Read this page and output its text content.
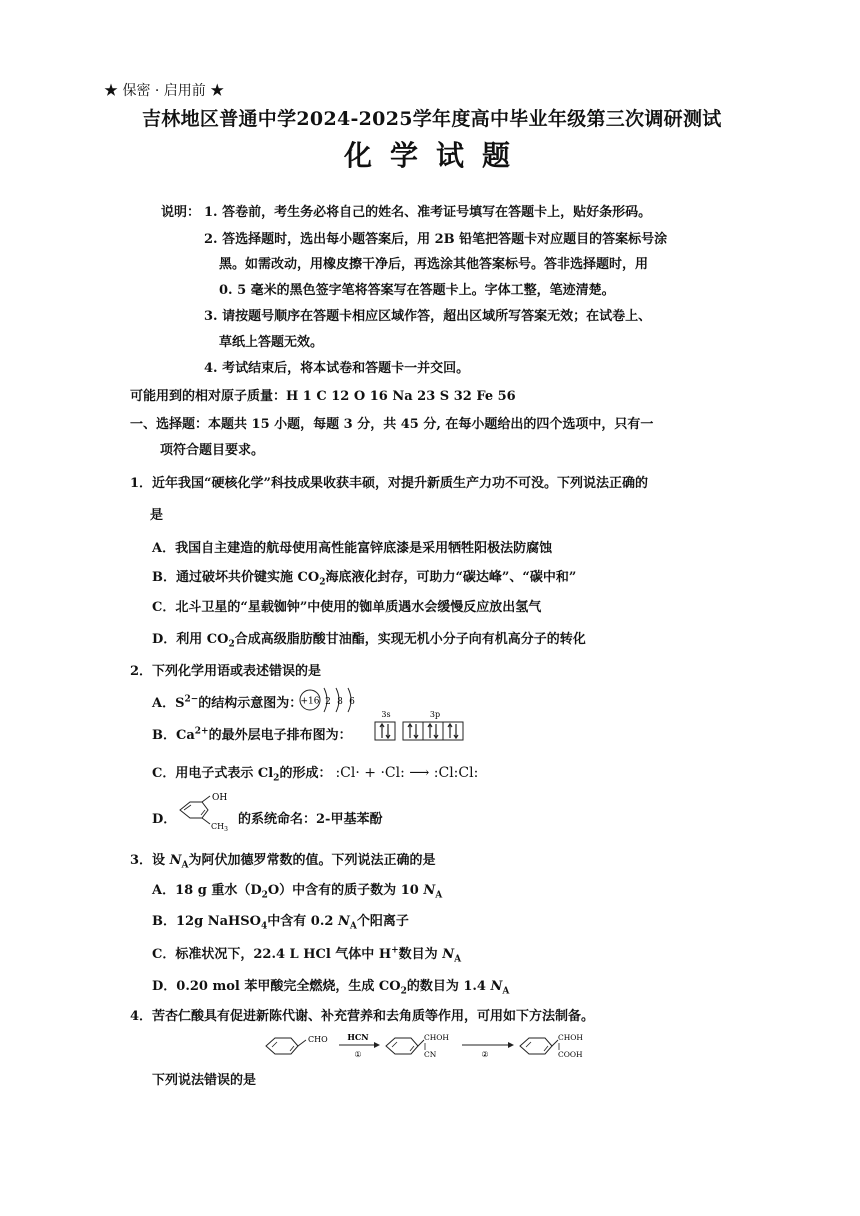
★ 保密 · 启用前 ★
吉林地区普通中学2024-2025学年度高中毕业年级第三次调研测试
化学试题
说明： 1. 答卷前，考生务必将自己的姓名、准考证号填写在答题卡上，贴好条形码。
2. 答选择题时，选出每小题答案后，用 2B 铅笔把答题卡对应题目的答案标号涂
黑。如需改动，用橡皮擦干净后，再选涂其他答案标号。答非选择题时，用
0. 5 毫米的黑色签字笔将答案写在答题卡上。字体工整，笔迹清楚。
3. 请按题号顺序在答题卡相应区域作答，超出区域所写答案无效；在试卷上、
草纸上答题无效。
4. 考试结束后，将本试卷和答题卡一并交回。
可能用到的相对原子质量：H 1 C 12 O 16 Na 23 S 32 Fe 56
一、选择题：本题共 15 小题，每题 3 分，共 45 分, 在每小题给出的四个选项中，只有一
项符合题目要求。
1．近年我国“硬核化学”科技成果收获丰硕，对提升新质生产力功不可没。下列说法正确的
是
A．我国自主建造的航母使用高性能富锌底漆是采用牺牲阳极法防腐蚀
B．通过破坏共价键实施 $CO_2$海底液化封存，可助力“碳达峰”、“碳中和”
C．北斗卫星的“星载铷钟”中使用的铷单质遇水会缓慢反应放出氢气
D．利用 $CO_2$合成高级脂肪酸甘油酯，实现无机小分子向有机高分子的转化
2．下列化学用语或表述错误的是
A．$S^{2-}$的结构示意图为：
+16 2 8 6
B．$Ca^{2+}$的最外层电子排布图为：
3s	3p
C．用电子式表示 $Cl_2$的形成： :Cl· + ·Cl: ⟶ :Cl:Cl:
D．
OH
$CH_3$
的系统命名：2-甲基苯酚
3．设 $N_A$为阿伏加德罗常数的值。下列说法正确的是
A．18 g 重水$(D_2O)$中含有的质子数为 10 $N_A$
B．12g NaHSO$_4$中含有 0.2 $N_A$个阳离子
C．标准状况下，22.4 L HCl 气体中 H+数目为 $N_A$
D．0.20 mol 苯甲酸完全燃烧，生成 $CO_2$的数目为 1.4 $N_A$
4．苦杏仁酸具有促进新陈代谢、补充营养和去角质等作用，可用如下方法制备。
CHO HCN
①
CHOH
CN	②
CHOH
COOH
下列说法错误的是
